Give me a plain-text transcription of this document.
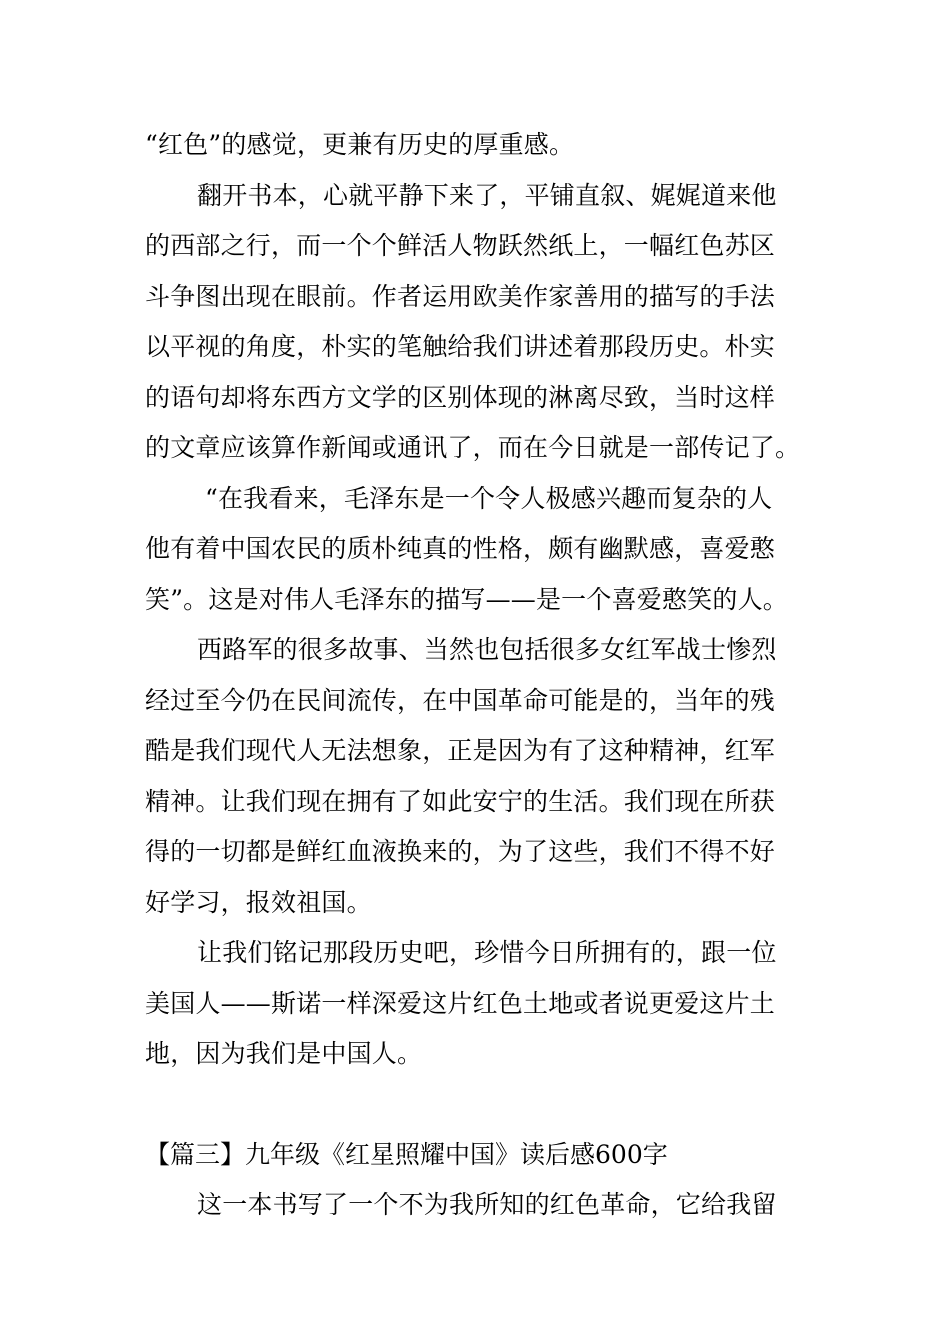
“红色”的感觉，更兼有历史的厚重感。
翻开书本，心就平静下来了，平铺直叙、娓娓道来他
的西部之行，而一个个鲜活人物跃然纸上，一幅红色苏区
斗争图出现在眼前。作者运用欧美作家善用的描写的手法
以平视的角度，朴实的笔触给我们讲述着那段历史。朴实
的语句却将东西方文学的区别体现的淋离尽致，当时这样
的文章应该算作新闻或通讯了，而在今日就是一部传记了。
“在我看来，毛泽东是一个令人极感兴趣而复杂的人
他有着中国农民的质朴纯真的性格，颇有幽默感，喜爱憨
笑”。这是对伟人毛泽东的描写——是一个喜爱憨笑的人。
西路军的很多故事、当然也包括很多女红军战士惨烈
经过至今仍在民间流传，在中国革命可能是的，当年的残
酷是我们现代人无法想象，正是因为有了这种精神，红军
精神。让我们现在拥有了如此安宁的生活。我们现在所获
得的一切都是鲜红血液换来的，为了这些，我们不得不好
好学习，报效祖国。
让我们铭记那段历史吧，珍惜今日所拥有的，跟一位
美国人——斯诺一样深爱这片红色土地或者说更爱这片土
地，因为我们是中国人。
【篇三】九年级《红星照耀中国》读后感600字
这一本书写了一个不为我所知的红色革命，它给我留
